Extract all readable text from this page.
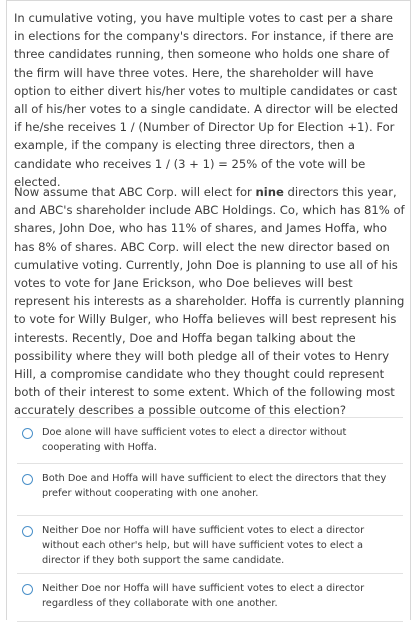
In cumulative voting, you have multiple votes to cast per a share in elections for the company's directors. For instance, if there are three candidates running, then someone who holds one share of the firm will have three votes. Here, the shareholder will have option to either divert his/her votes to multiple candidates or cast all of his/her votes to a single candidate. A director will be elected if he/she receives 1 / (Number of Director Up for Election +1). For example, if the company is electing three directors, then a candidate who receives 1 / (3 + 1) = 25% of the vote will be elected.

Now assume that ABC Corp. will elect for nine directors this year, and ABC's shareholder include ABC Holdings. Co, which has 81% of shares, John Doe, who has 11% of shares, and James Hoffa, who has 8% of shares. ABC Corp. will elect the new director based on cumulative voting. Currently, John Doe is planning to use all of his votes to vote for Jane Erickson, who Doe believes will best represent his interests as a shareholder. Hoffa is currently planning to vote for Willy Bulger, who Hoffa believes will best represent his interests. Recently, Doe and Hoffa began talking about the possibility where they will both pledge all of their votes to Henry Hill, a compromise candidate who they thought could represent both of their interest to some extent. Which of the following most accurately describes a possible outcome of this election?

Doe alone will have sufficient votes to elect a director without cooperating with Hoffa.
Both Doe and Hoffa will have sufficient to elect the directors that they prefer without cooperating with one anoher.
Neither Doe nor Hoffa will have sufficient votes to elect a director without each other's help, but will have sufficient votes to elect a director if they both support the same candidate.
Neither Doe nor Hoffa will have sufficient votes to elect a director regardless of they collaborate with one another.
